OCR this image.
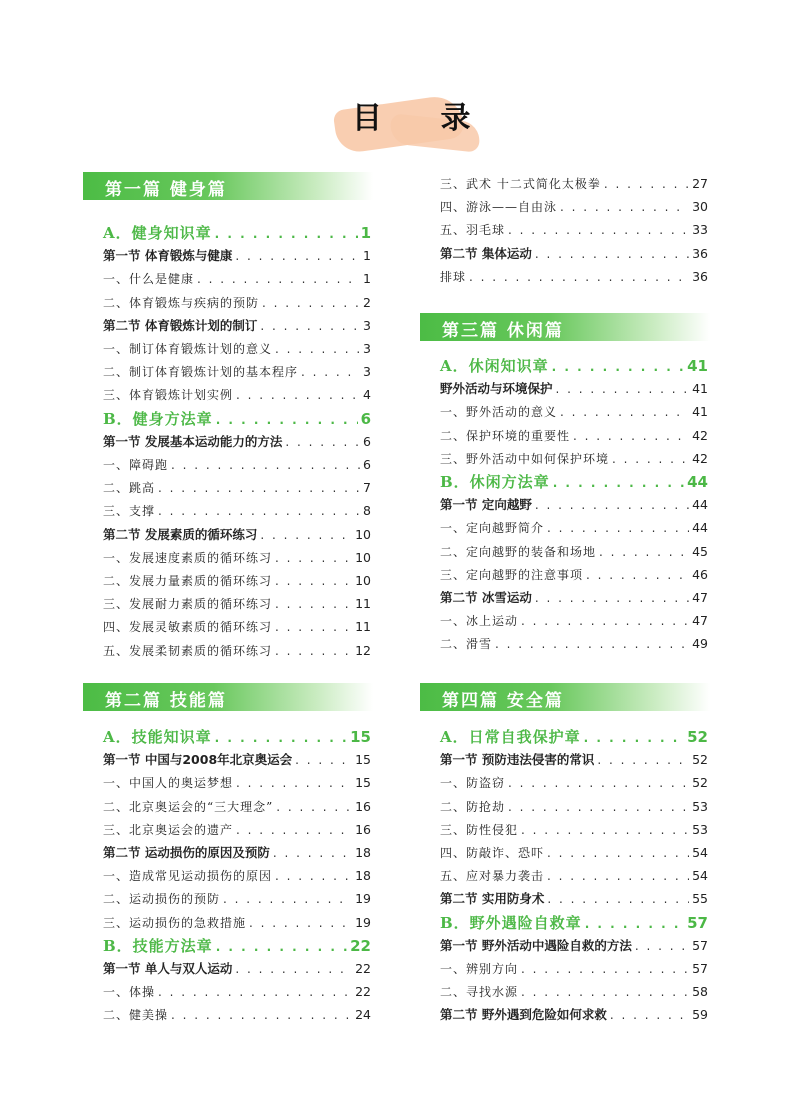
目 录
第一篇 健身篇
A．健身知识章 . . .	1
第一节 体育锻炼与健康 . . .	1
一、什么是健康 . . .	1
二、体育锻炼与疾病的预防 . . .	2
第二节 体育锻炼计划的制订 . . .	3
一、制订体育锻炼计划的意义 . . .	3
二、制订体育锻炼计划的基本程序 . . .	3
三、体育锻炼计划实例 . . .	4
B．健身方法章 . . .	6
第一节 发展基本运动能力的方法 . . .	6
一、障碍跑 . . .	6
二、跳高 . . .	7
三、支撑 . . .	8
第二节 发展素质的循环练习 . . .	10
一、发展速度素质的循环练习 . . .	10
二、发展力量素质的循环练习 . . .	10
三、发展耐力素质的循环练习 . . .	11
四、发展灵敏素质的循环练习 . . .	11
五、发展柔韧素质的循环练习 . . .	12
第二篇 技能篇
A．技能知识章 . . .	15
第一节 中国与2008年北京奥运会 . . .	15
一、中国人的奥运梦想 . . .	15
二、北京奥运会的“三大理念” . . .	16
三、北京奥运会的遗产 . . .	16
第二节 运动损伤的原因及预防 . . .	18
一、造成常见运动损伤的原因 . . .	18
二、运动损伤的预防 . . .	19
三、运动损伤的急救措施 . . .	19
B．技能方法章 . . .	22
第一节 单人与双人运动 . . .	22
一、体操 . . .	22
二、健美操 . . .	24
三、武术 十二式简化太极拳 . . .	27
四、游泳——自由泳 . . .	30
五、羽毛球 . . .	33
第二节 集体运动 . . .	36
排球 . . .	36
第三篇 休闲篇
A．休闲知识章 . . .	41
野外活动与环境保护 . . .	41
一、野外活动的意义 . . .	41
二、保护环境的重要性 . . .	42
三、野外活动中如何保护环境 . . .	42
B．休闲方法章 . . .	44
第一节 定向越野 . . .	44
一、定向越野简介 . . .	44
二、定向越野的装备和场地 . . .	45
三、定向越野的注意事项 . . .	46
第二节 冰雪运动 . . .	47
一、冰上运动 . . .	47
二、滑雪 . . .	49
第四篇 安全篇
A．日常自我保护章 . . .	52
第一节 预防违法侵害的常识 . . .	52
一、防盗窃 . . .	52
二、防抢劫 . . .	53
三、防性侵犯 . . .	53
四、防敲诈、恐吓 . . .	54
五、应对暴力袭击 . . .	54
第二节 实用防身术 . . .	55
B．野外遇险自救章 . . .	57
第一节 野外活动中遇险自救的方法 . . .	57
一、辨别方向 . . .	57
二、寻找水源 . . .	58
第二节 野外遇到危险如何求救 . . .	59
